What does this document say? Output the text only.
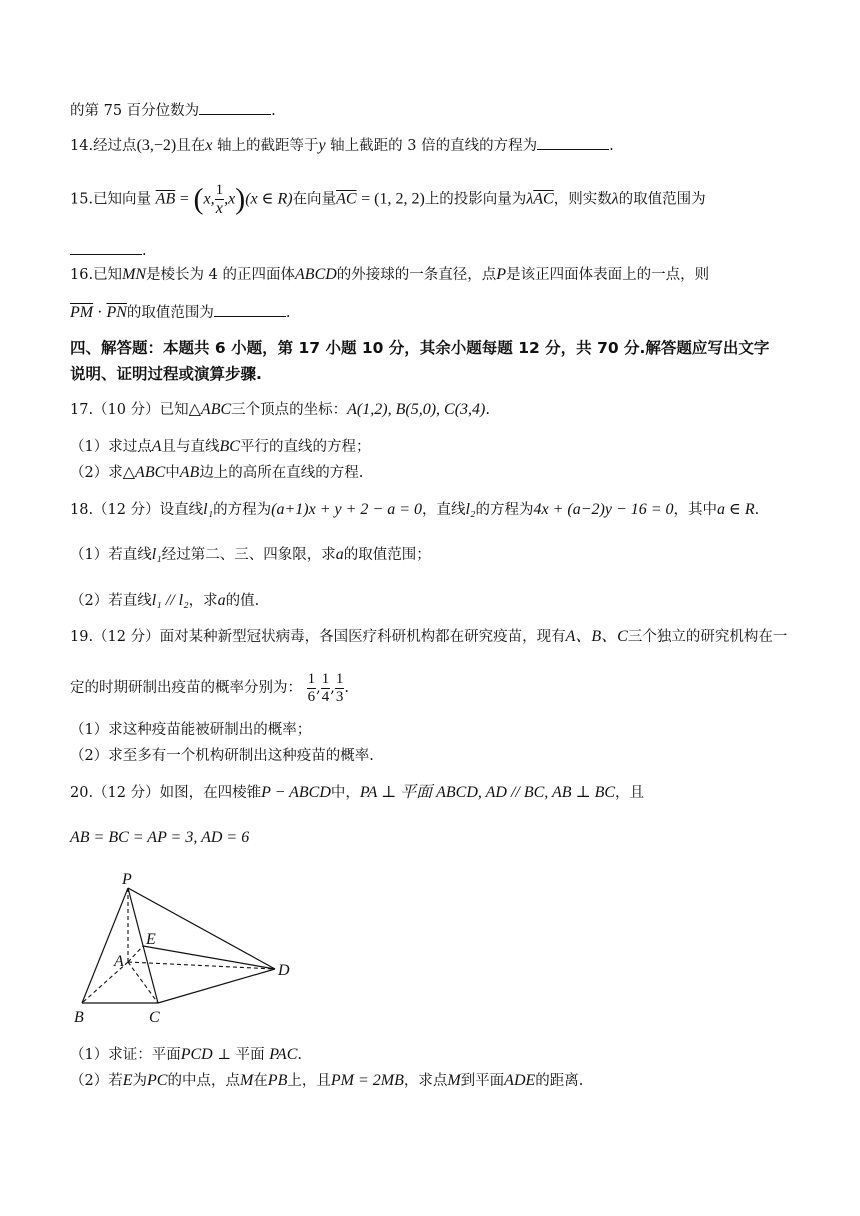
的第 75 百分位数为	.
14.经过点(3,−2)且在x 轴上的截距等于y 轴上截距的 3 倍的直线的方程为	.
15.已知向量 $\overline{AB} = (x$, $\frac{1}{x} ,x)(x$ ∈ R)在向量$\overline{AC} = (1$, 2, 2)上的投影向量为$\lambda\overline{AC}$，则实数λ的取值范围为
.
16.已知MN是棱长为 4 的正四面体ABCD的外接球的一条直径，点P是该正四面体表面上的一点，则
$\overline{PM} \cdot \overline{PN}$的取值范围为	.
四、解答题：本题共 6 小题，第 17 小题 10 分，其余小题每题 12 分，共 70 分.解答题应写出文字
说明、证明过程或演算步骤.
17.（10 分）已知△ABC三个顶点的坐标：A(1,2), B(5,0), C(3,4).
（1）求过点A且与直线BC平行的直线的方程；
（2）求△ABC中AB边上的高所在直线的方程.
18.（12 分）设直线l₁的方程为(a+1)x + y + 2 − a = 0，直线l₂的方程为4x + (a−2)y − 16 = 0，其中a ∈ R.
（1）若直线l₁经过第二、三、四象限，求a的取值范围；
（2）若直线l₁ // l₂，求a的值.
19.（12 分）面对某种新型冠状病毒，各国医疗科研机构都在研究疫苗，现有A、B、C三个独立的研究机构在一
定的时期研制出疫苗的概率分别为： $\frac{1}{6}$ , $\frac{1}{4}$ , $\frac{1}{3}$ .
（1）求这种疫苗能被研制出的概率；
（2）求至多有一个机构研制出这种疫苗的概率.
20.（12 分）如图，在四棱锥P − ABCD中，PA ⊥ 平面 ABCD, AD // BC, AB ⊥ BC，且
AB = BC = AP = 3, AD = 6
P
E
A
D
B	C
（1）求证：平面PCD ⊥ 平面 PAC.
（2）若E为PC的中点，点M在PB上，且PM = 2MB，求点M到平面ADE的距离.
